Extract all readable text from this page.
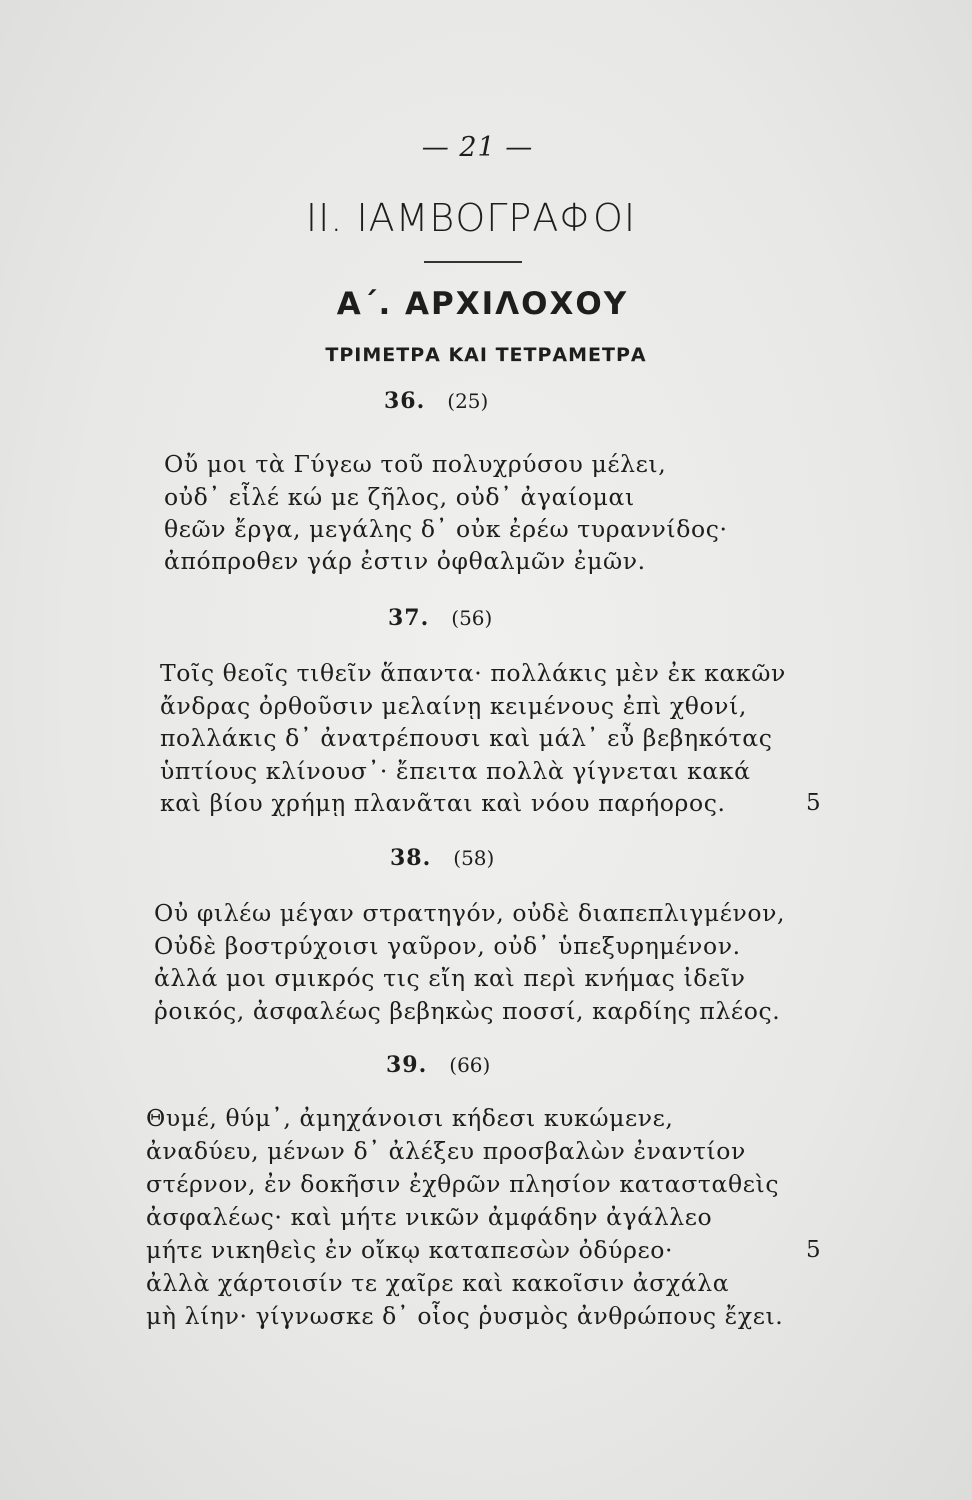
— 21 —
II. ΙΑΜΒΟΓΡΑΦΟΙ
Α΄. ΑΡΧΙΛΟΧΟΥ
ΤΡΙΜΕΤΡΑ ΚΑΙ ΤΕΤΡΑΜΕΤΡΑ
36. (25)
Οὔ μοι τὰ Γύγεω τοῦ πολυχρύσου μέλει,
οὐδ᾽ εἷλέ κώ με ζῆλος, οὐδ᾽ ἀγαίομαι
θεῶν ἔργα, μεγάλης δ᾽ οὐκ ἐρέω τυραννίδος·
ἀπόπροθεν γάρ ἐστιν ὀφθαλμῶν ἐμῶν.
37. (56)
Τοῖς θεοῖς τιθεῖν ἅπαντα· πολλάκις μὲν ἐκ κακῶν
ἄνδρας ὀρθοῦσιν μελαίνῃ κειμένους ἐπὶ χθονί,
πολλάκις δ᾽ ἀνατρέπουσι καὶ μάλ᾽ εὖ βεβηκότας
ὑπτίους κλίνουσ᾽· ἔπειτα πολλὰ γίγνεται κακά
καὶ βίου χρήμῃ πλανᾶται καὶ νόου παρήορος.	5
38. (58)
Οὐ φιλέω μέγαν στρατηγόν, οὐδὲ διαπεπλιγμένον,
Οὐδὲ βοστρύχοισι γαῦρον, οὐδ᾽ ὑπεξυρημένον.
ἀλλά μοι σμικρός τις εἴη καὶ περὶ κνήμας ἰδεῖν
ῥοικός, ἀσφαλέως βεβηκὼς ποσσί, καρδίης πλέος.
39. (66)
Θυμέ, θύμ᾽, ἀμηχάνοισι κήδεσι κυκώμενε,
ἀναδύευ, μένων δ᾽ ἀλέξευ προσβαλὼν ἐναντίον
στέρνον, ἐν δοκῆσιν ἐχθρῶν πλησίον κατασταθεὶς
ἀσφαλέως· καὶ μήτε νικῶν ἀμφάδην ἀγάλλεο
μήτε νικηθεὶς ἐν οἴκῳ καταπεσὼν ὀδύρεο·	5
ἀλλὰ χάρτοισίν τε χαῖρε καὶ κακοῖσιν ἀσχάλα
μὴ λίην· γίγνωσκε δ᾽ οἷος ῥυσμὸς ἀνθρώπους ἔχει.
